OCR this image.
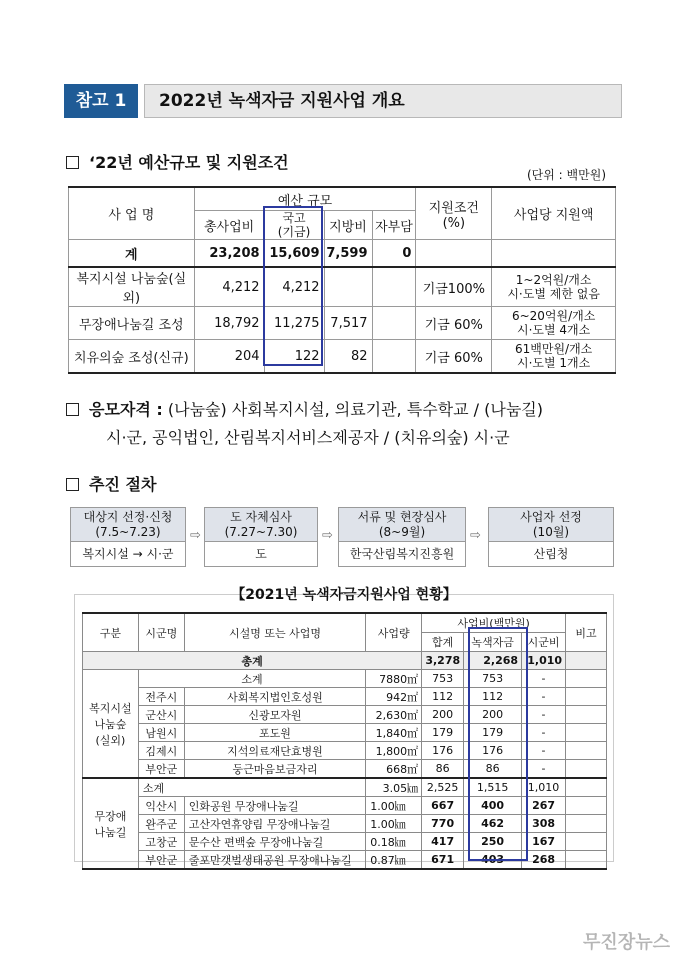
참고 1	2022년 녹색자금 지원사업 개요
‘22년 예산규모 및 지원조건
(단위 : 백만원)
사 업 명	예산 규모				지원조건
(%)	사업당 지원액
	총사업비	국고
(기금)	지방비	자부담		
계	23,208	15,609	7,599	0		
복지시설 나눔숲(실외)	4,212	4,212			기금100%	1~2억원/개소
시·도별 제한 없음
무장애나눔길 조성	18,792	11,275	7,517		기금 60%	6~20억원/개소
시·도별 4개소
치유의숲 조성(신규)	204	122	82		기금 60%	61백만원/개소
시·도별 1개소
응모자격 : (나눔숲) 사회복지시설, 의료기관, 특수학교 / (나눔길)
시·군, 공익법인, 산림복지서비스제공자 / (치유의숲) 시·군
추진 절차
대상지 선정·신청
(7.5~7.23)
복지시설 → 시·군
⇨
도 자체심사
(7.27~7.30)
도
⇨
서류 및 현장심사
(8~9월)
한국산림복지진흥원
⇨
사업자 선정
(10월)
산림청
【2021년 녹색자금지원사업 현황】
구분	시군명	시설명 또는 사업명	사업량	사업비(백만원)			비고
				합계	녹색자금	시군비	
총계				3,278	2,268	1,010	
복지시설
나눔숲
(실외)	소계		7880㎡	753	753	-	
	전주시	사회복지법인호성원	942㎡	112	112	-	
	군산시	신광모자원	2,630㎡	200	200	-	
	남원시	포도원	1,840㎡	179	179	-	
	김제시	지석의료재단효병원	1,800㎡	176	176	-	
	부안군	둥근마음보금자리	668㎡	86	86	-	
무장애
나눔길	소계		3.05㎞	2,525	1,515	1,010	
	익산시	인화공원 무장애나눔길	1.00㎞	667	400	267	
	완주군	고산자연휴양림 무장애나눔길	1.00㎞	770	462	308	
	고창군	문수산 편백숲 무장애나눔길	0.18㎞	417	250	167	
	부안군	줄포만갯벌생태공원 무장애나눔길	0.87㎞	671	403	268	
무진장뉴스
